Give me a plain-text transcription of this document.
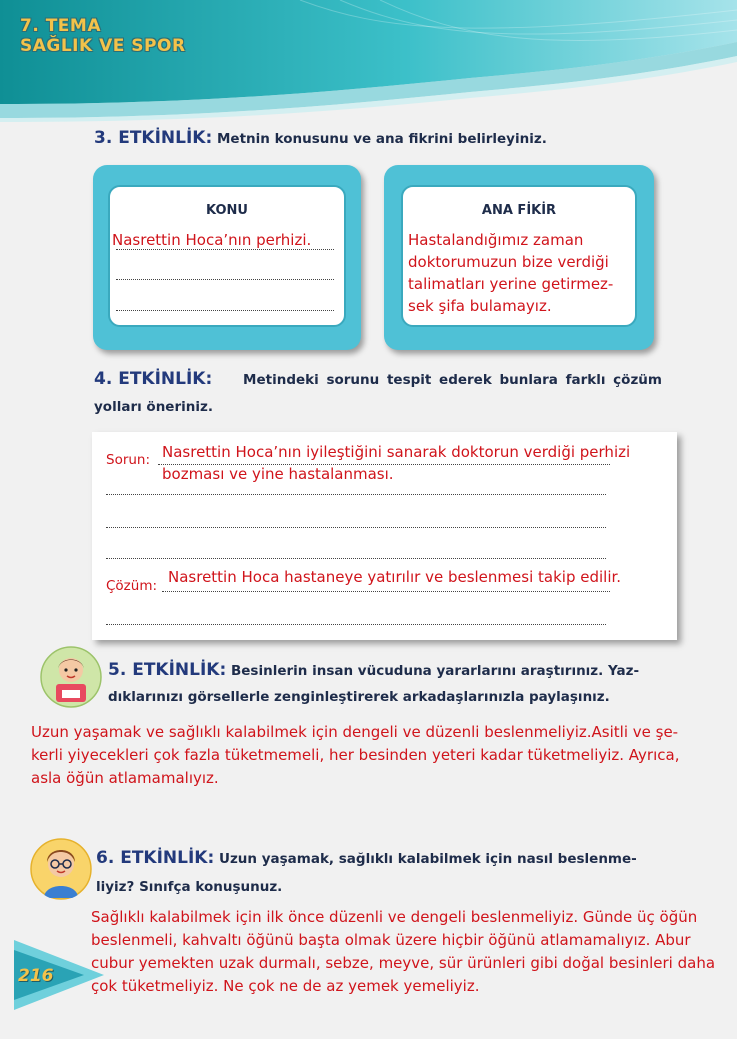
7. TEMA
SAĞLIK VE SPOR
3. ETKİNLİK: Metnin konusunu ve ana fikrini belirleyiniz.
KONU
Nasrettin Hoca’nın perhizi.
ANA FİKİR
Hastalandığımız zaman
doktorumuzun bize verdiği
talimatları yerine getirmez-
sek şifa bulamayız.
4. ETKİNLİK: Metindeki sorunu tespit ederek bunlara farklı çözüm
yolları öneriniz.
Sorun: Nasrettin Hoca’nın iyileştiğini sanarak doktorun verdiği perhizi
bozması ve yine hastalanması.
Çözüm: Nasrettin Hoca hastaneye yatırılır ve beslenmesi takip edilir.
5. ETKİNLİK: Besinlerin insan vücuduna yararlarını araştırınız. Yaz-
dıklarınızı görsellerle zenginleştirerek arkadaşlarınızla paylaşınız.
Uzun yaşamak ve sağlıklı kalabilmek için dengeli ve düzenli beslenmeliyiz.Asitli ve şe-
kerli yiyecekleri çok fazla tüketmemeli, her besinden yeteri kadar tüketmeliyiz. Ayrıca,
asla öğün atlamamalıyız.
6. ETKİNLİK: Uzun yaşamak, sağlıklı kalabilmek için nasıl beslenme-
liyiz? Sınıfça konuşunuz.
Sağlıklı kalabilmek için ilk önce düzenli ve dengeli beslenmeliyiz. Günde üç öğün
beslenmeli, kahvaltı öğünü başta olmak üzere hiçbir öğünü atlamamalıyız. Abur
cubur yemekten uzak durmalı, sebze, meyve, sür ürünleri gibi doğal besinleri daha
çok tüketmeliyiz. Ne çok ne de az yemek yemeliyiz.
216
